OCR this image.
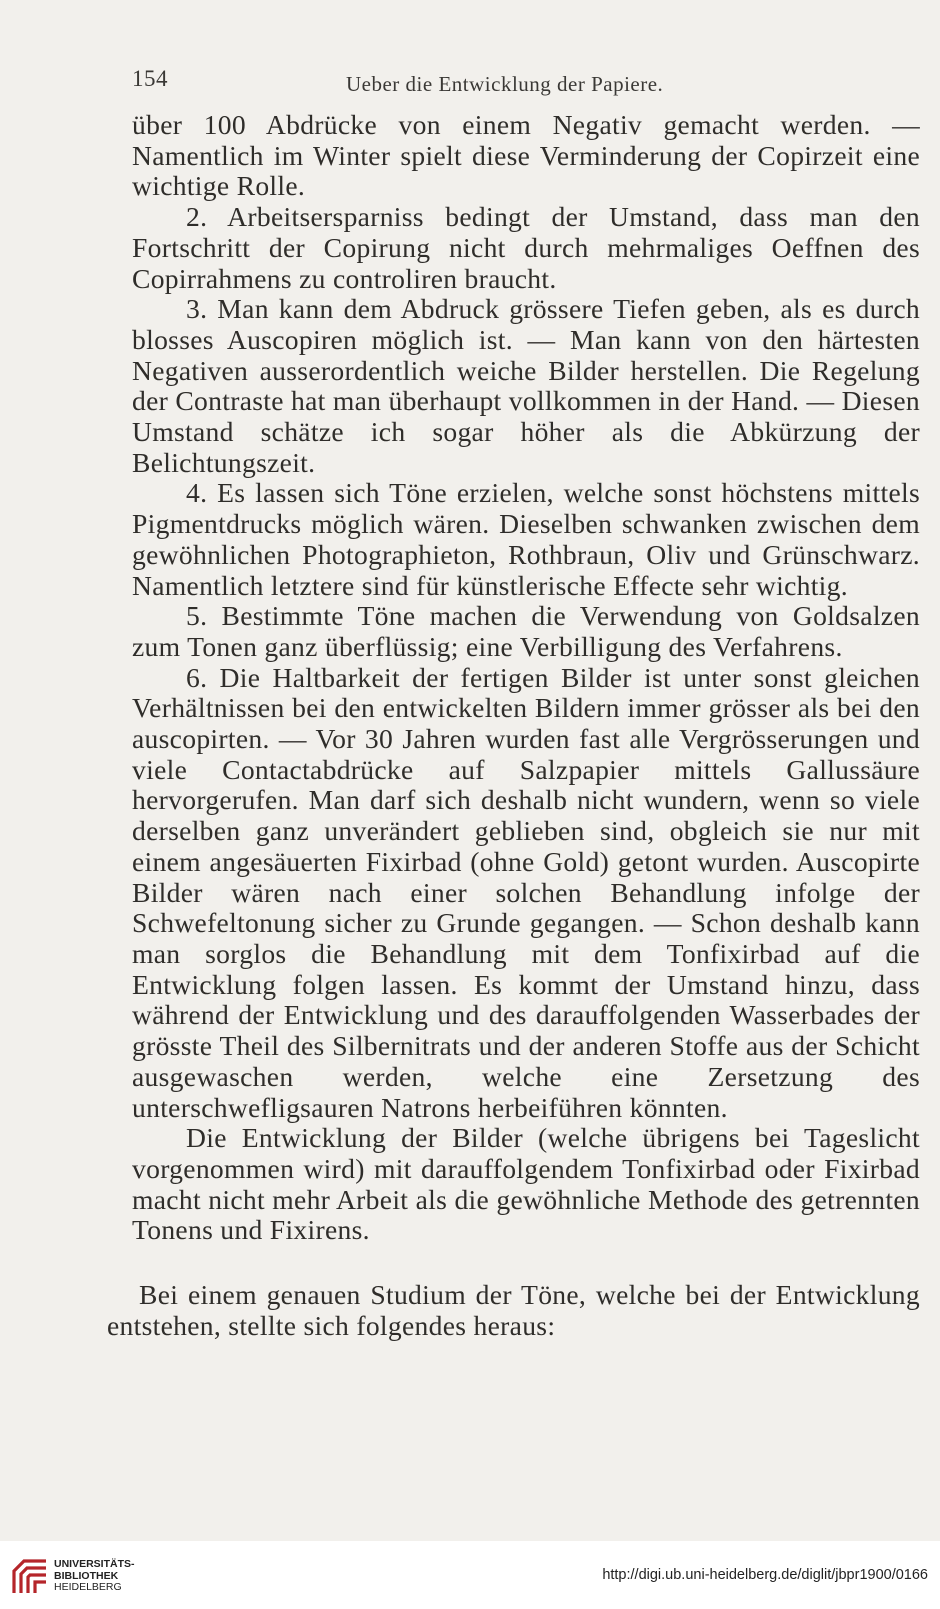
154	Ueber die Entwicklung der Papiere.

über 100 Abdrücke von einem Negativ gemacht werden. — Namentlich im Winter spielt diese Verminderung der Copirzeit eine wichtige Rolle.

2. Arbeitsersparniss bedingt der Umstand, dass man den Fortschritt der Copirung nicht durch mehrmaliges Oeffnen des Copirrahmens zu controliren braucht.

3. Man kann dem Abdruck grössere Tiefen geben, als es durch blosses Auscopiren möglich ist. — Man kann von den härtesten Negativen ausserordentlich weiche Bilder herstellen. Die Regelung der Contraste hat man überhaupt vollkommen in der Hand. — Diesen Umstand schätze ich sogar höher als die Abkürzung der Belichtungszeit.

4. Es lassen sich Töne erzielen, welche sonst höchstens mittels Pigmentdrucks möglich wären. Dieselben schwanken zwischen dem gewöhnlichen Photographieton, Rothbraun, Oliv und Grünschwarz. Namentlich letztere sind für künstlerische Effecte sehr wichtig.

5. Bestimmte Töne machen die Verwendung von Goldsalzen zum Tonen ganz überflüssig; eine Verbilligung des Verfahrens.

6. Die Haltbarkeit der fertigen Bilder ist unter sonst gleichen Verhältnissen bei den entwickelten Bildern immer grösser als bei den auscopirten. — Vor 30 Jahren wurden fast alle Vergrösserungen und viele Contactabdrücke auf Salzpapier mittels Gallussäure hervorgerufen. Man darf sich deshalb nicht wundern, wenn so viele derselben ganz unverändert geblieben sind, obgleich sie nur mit einem angesäuerten Fixirbad (ohne Gold) getont wurden. Auscopirte Bilder wären nach einer solchen Behandlung infolge der Schwefeltonung sicher zu Grunde gegangen. — Schon deshalb kann man sorglos die Behandlung mit dem Tonfixirbad auf die Entwicklung folgen lassen. Es kommt der Umstand hinzu, dass während der Entwicklung und des darauffolgenden Wasserbades der grösste Theil des Silbernitrats und der anderen Stoffe aus der Schicht ausgewaschen werden, welche eine Zersetzung des unterschwefligsauren Natrons herbeiführen könnten.

Die Entwicklung der Bilder (welche übrigens bei Tageslicht vorgenommen wird) mit darauffolgendem Tonfixirbad oder Fixirbad macht nicht mehr Arbeit als die gewöhnliche Methode des getrennten Tonens und Fixirens.

Bei einem genauen Studium der Töne, welche bei der Entwicklung entstehen, stellte sich folgendes heraus:

UNIVERSITÄTS-
BIBLIOTHEK
HEIDELBERG
http://digi.ub.uni-heidelberg.de/diglit/jbpr1900/0166
